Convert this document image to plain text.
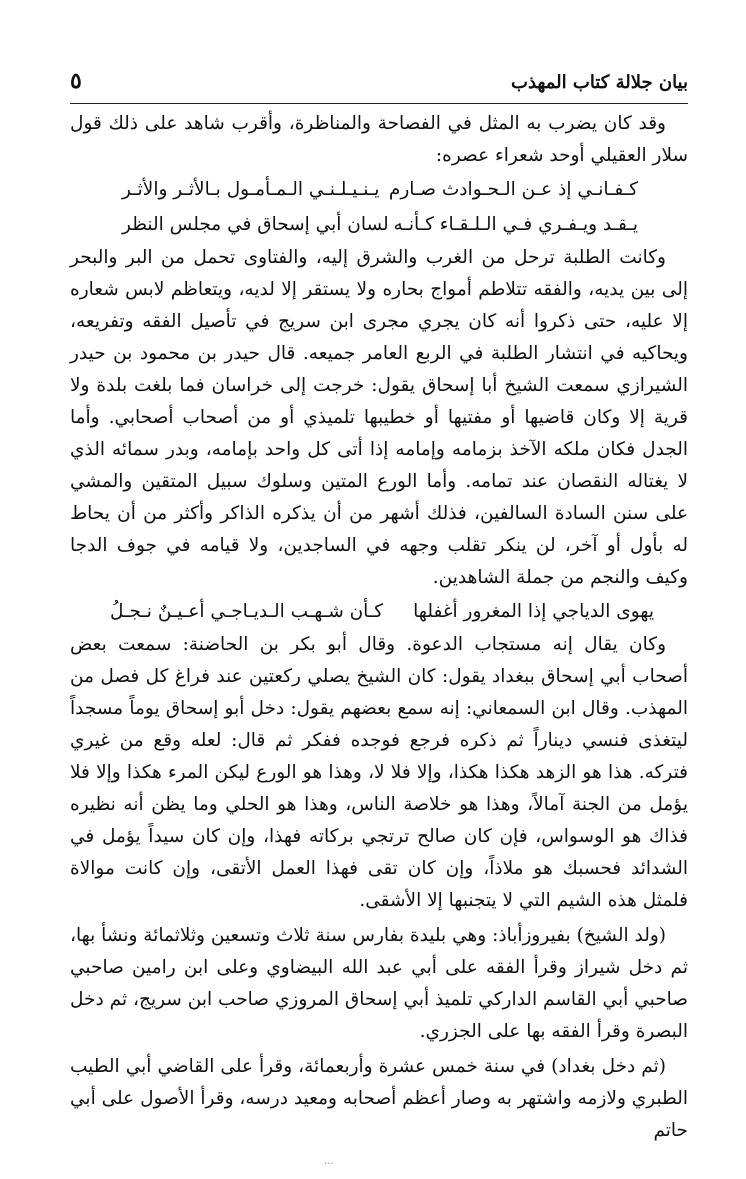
بيان جلالة كتاب المهذب
٥

وقد كان يضرب به المثل في الفصاحة والمناظرة، وأقرب شاهد على ذلك قول سلار العقيلي أوحد شعراء عصره:

كـفـانـي إذ عـن الـحـوادث صـارم
يـنـيـلـنـي الـمـأمـول بـالأثـر والأثـر
يـقـد ويـفـري فـي الـلـقـاء كـأنـه
لسان أبي إسحاق في مجلس النظر

وكانت الطلبة ترحل من الغرب والشرق إليه، والفتاوى تحمل من البر والبحر إلى بين يديه، والفقه تتلاطم أمواج بحاره ولا يستقر إلا لديه، ويتعاظم لابس شعاره إلا عليه، حتى ذكروا أنه كان يجري مجرى ابن سريج في تأصيل الفقه وتفريعه، ويحاكيه في انتشار الطلبة في الربع العامر جميعه. قال حيدر بن محمود بن حيدر الشيرازي سمعت الشيخ أبا إسحاق يقول: خرجت إلى خراسان فما بلغت بلدة ولا قرية إلا وكان قاضيها أو مفتيها أو خطيبها تلميذي أو من أصحاب أصحابي. وأما الجدل فكان ملكه الآخذ بزمامه وإمامه إذا أتى كل واحد بإمامه، وبدر سمائه الذي لا يغتاله النقصان عند تمامه. وأما الورع المتين وسلوك سبيل المتقين والمشي على سنن السادة السالفين، فذلك أشهر من أن يذكره الذاكر وأكثر من أن يحاط له بأول أو آخر، لن ينكر تقلب وجهه في الساجدين، ولا قيامه في جوف الدجا وكيف والنجم من جملة الشاهدين.

يهوى الدياجي إذا المغرور أغفلها
كـأن شـهـب الـديـاجـي أعـيـنٌ نـجـلُ

وكان يقال إنه مستجاب الدعوة. وقال أبو بكر بن الحاضنة: سمعت بعض أصحاب أبي إسحاق ببغداد يقول: كان الشيخ يصلي ركعتين عند فراغ كل فصل من المهذب. وقال ابن السمعاني: إنه سمع بعضهم يقول: دخل أبو إسحاق يوماً مسجداً ليتغذى فنسي ديناراً ثم ذكره فرجع فوجده ففكر ثم قال: لعله وقع من غيري فتركه. هذا هو الزهد هكذا هكذا، وإلا فلا لا، وهذا هو الورع ليكن المرء هكذا وإلا فلا يؤمل من الجنة آمالاً، وهذا هو خلاصة الناس، وهذا هو الحلي وما يظن أنه نظيره فذاك هو الوسواس، فإن كان صالح ترتجي بركاته فهذا، وإن كان سيداً يؤمل في الشدائد فحسبك هو ملاذاً، وإن كان تقى فهذا العمل الأتقى، وإن كانت موالاة فلمثل هذه الشيم التي لا يتجنبها إلا الأشقى.

(ولد الشيخ) بفيروزأباذ: وهي بليدة بفارس سنة ثلاث وتسعين وثلاثمائة ونشأ بها، ثم دخل شيراز وقرأ الفقه على أبي عبد الله البيضاوي وعلى ابن رامين صاحبي صاحبي أبي القاسم الداركي تلميذ أبي إسحاق المروزي صاحب ابن سريج، ثم دخل البصرة وقرأ الفقه بها على الجزري.

(ثم دخل بغداد) في سنة خمس عشرة وأربعمائة، وقرأ على القاضي أبي الطيب الطبري ولازمه واشتهر به وصار أعظم أصحابه ومعيد درسه، وقرأ الأصول على أبي حاتم

...
